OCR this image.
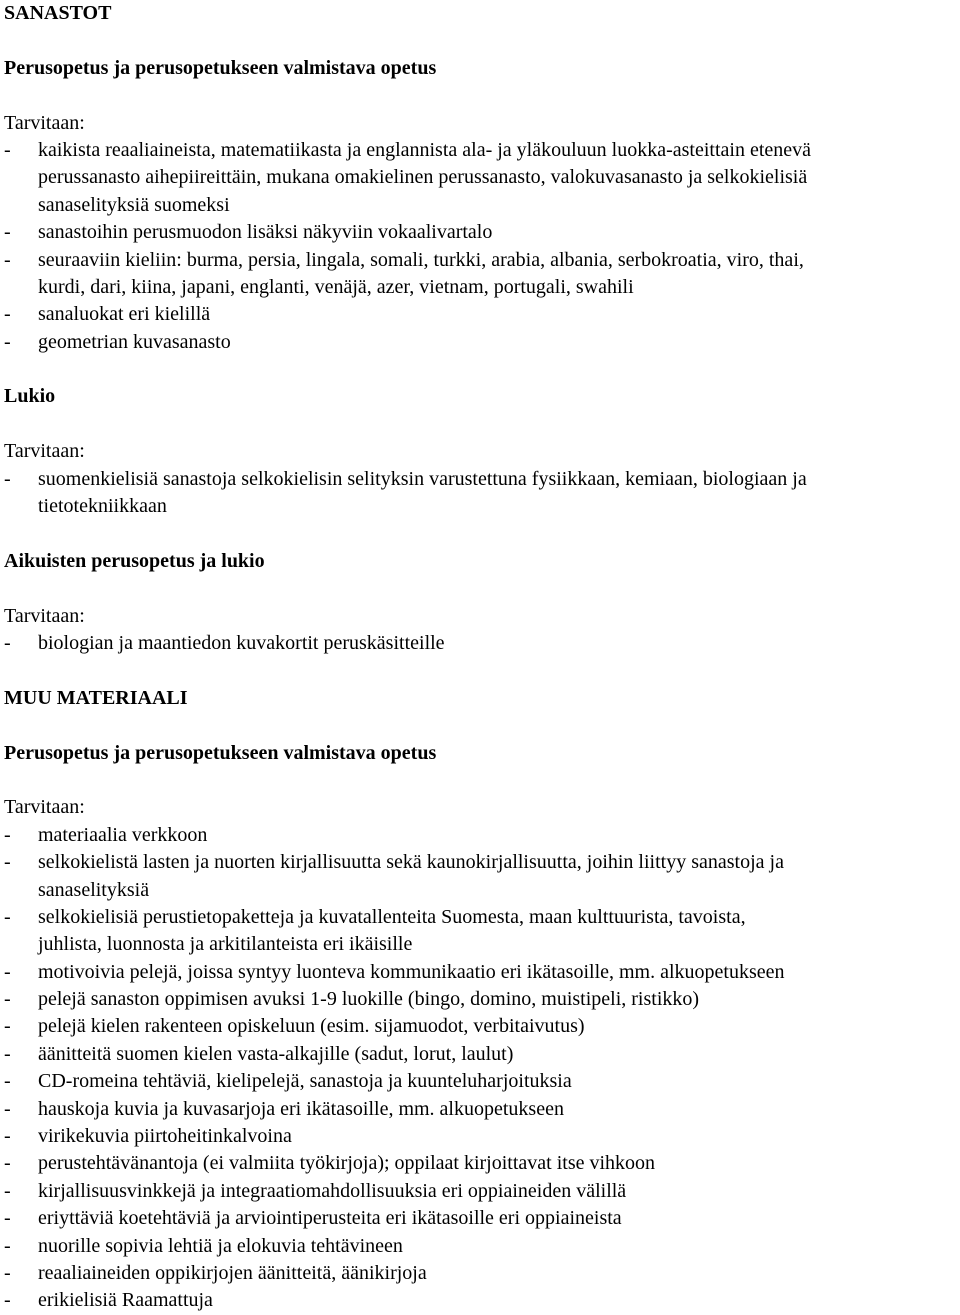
SANASTOT
Perusopetus ja perusopetukseen valmistava opetus
Tarvitaan:
- kaikista reaaliaineista, matematiikasta ja englannista ala- ja yläkouluun luokka-asteittain etenevä
perussanasto aihepiireittäin, mukana omakielinen perussanasto, valokuvasanasto ja selkokielisiä
sanaselityksiä suomeksi
- sanastoihin perusmuodon lisäksi näkyviin vokaalivartalo
- seuraaviin kieliin: burma, persia, lingala, somali, turkki, arabia, albania, serbokroatia, viro, thai,
kurdi, dari, kiina, japani, englanti, venäjä, azer, vietnam, portugali, swahili
- sanaluokat eri kielillä
- geometrian kuvasanasto
Lukio
Tarvitaan:
- suomenkielisiä sanastoja selkokielisin selityksin varustettuna fysiikkaan, kemiaan, biologiaan ja
tietotekniikkaan
Aikuisten perusopetus ja lukio
Tarvitaan:
- biologian ja maantiedon kuvakortit peruskäsitteille
MUU MATERIAALI
Perusopetus ja perusopetukseen valmistava opetus
Tarvitaan:
- materiaalia verkkoon
- selkokielistä lasten ja nuorten kirjallisuutta sekä kaunokirjallisuutta, joihin liittyy sanastoja ja
sanaselityksiä
- selkokielisiä perustietopaketteja ja kuvatallenteita Suomesta, maan kulttuurista, tavoista,
juhlista, luonnosta ja arkitilanteista eri ikäisille
- motivoivia pelejä, joissa syntyy luonteva kommunikaatio eri ikätasoille, mm. alkuopetukseen
- pelejä sanaston oppimisen avuksi 1-9 luokille (bingo, domino, muistipeli, ristikko)
- pelejä kielen rakenteen opiskeluun (esim. sijamuodot, verbitaivutus)
- äänitteitä suomen kielen vasta-alkajille (sadut, lorut, laulut)
- CD-romeina tehtäviä, kielipelejä, sanastoja ja kuunteluharjoituksia
- hauskoja kuvia ja kuvasarjoja eri ikätasoille, mm. alkuopetukseen
- virikekuvia piirtoheitinkalvoina
- perustehtävänantoja (ei valmiita työkirjoja); oppilaat kirjoittavat itse vihkoon
- kirjallisuusvinkkejä ja integraatiomahdollisuuksia eri oppiaineiden välillä
- eriyttäviä koetehtäviä ja arviointiperusteita eri ikätasoille eri oppiaineista
- nuorille sopivia lehtiä ja elokuvia tehtävineen
- reaaliaineiden oppikirjojen äänitteitä, äänikirjoja
- erikielisiä Raamattuja
